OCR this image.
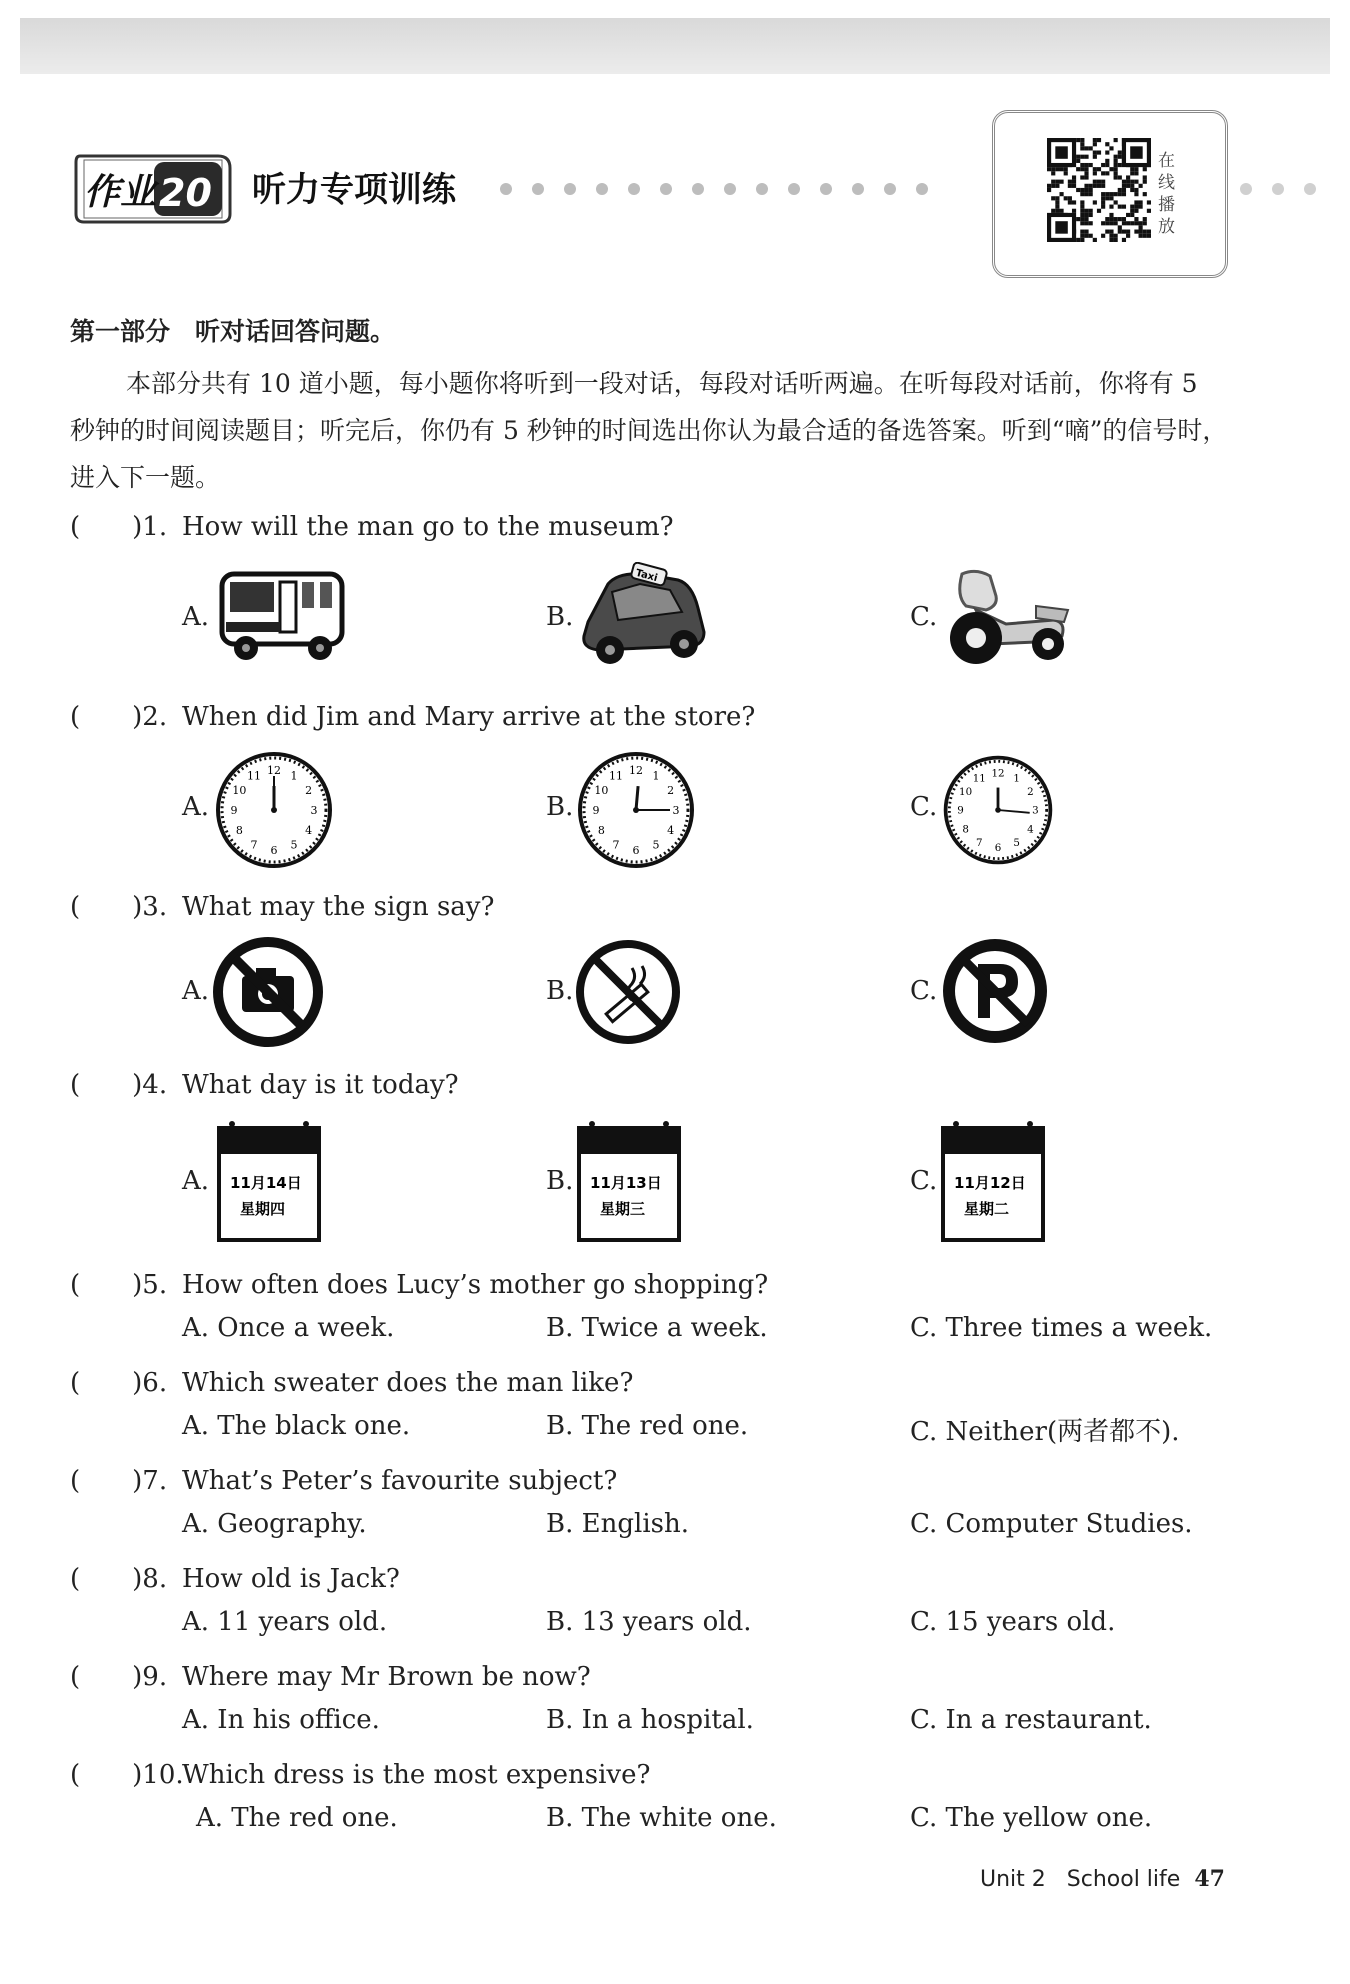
作业 20 听力专项训练
在线播放
第一部分　听对话回答问题。
本部分共有 10 道小题，每小题你将听到一段对话，每段对话听两遍。在听每段对话前，你将有 5 秒钟的时间阅读题目；听完后，你仍有 5 秒钟的时间选出你认为最合适的备选答案。听到“嘀”的信号时，进入下一题。
(　　)1. How will the man go to the museum?
A.	B.	C.
Taxi
(　　)2. When did Jim and Mary arrive at the store?
A.	B.	C.
12 1
2
3
4
5
6
7
8
9
10
11	12 1
2
3
4
5
6
7
8
9
10
11	12 1
2
3
4
5
6
7
8
9
10
11
(　　)3. What may the sign say?
A.	B.	C.
(　　)4. What day is it today?
A.	B.	C.
11月14日
星期四
11月13日
星期三
11月12日
星期二
(　　)5. How often does Lucy’s mother go shopping?
A. Once a week.	B. Twice a week.	C. Three times a week.
(　　)6. Which sweater does the man like?
A. The black one.	B. The red one.	C. Neither(两者都不).
(　　)7. What’s Peter’s favourite subject?
A. Geography.	B. English.	C. Computer Studies.
(　　)8. How old is Jack?
A. 11 years old.	B. 13 years old.	C. 15 years old.
(　　)9. Where may Mr Brown be now?
A. In his office.	B. In a hospital.	C. In a restaurant.
(　　)10.Which dress is the most expensive?
A. The red one.	B. The white one.	C. The yellow one.
Unit 2 School life 47
